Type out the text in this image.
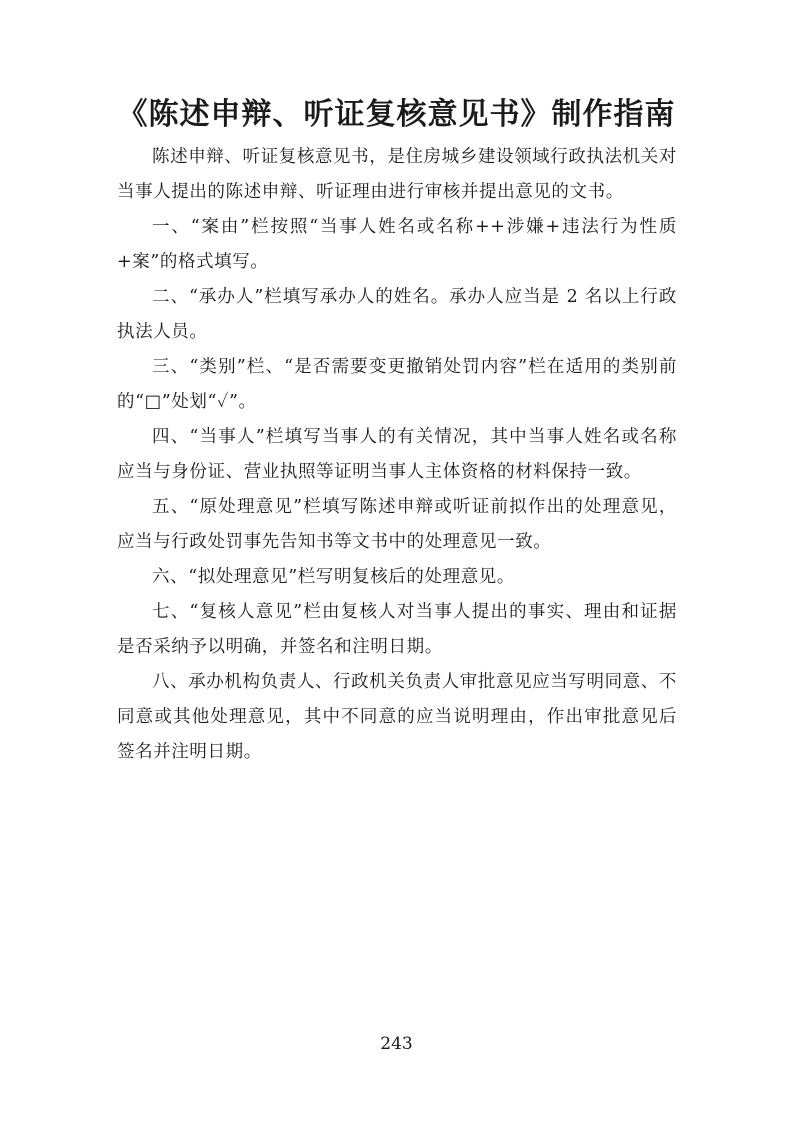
《陈述申辩、听证复核意见书》制作指南

陈述申辩、听证复核意见书，是住房城乡建设领域行政执法机关对当事人提出的陈述申辩、听证理由进行审核并提出意见的文书。

一、“案由”栏按照“当事人姓名或名称++涉嫌+违法行为性质+案”的格式填写。

二、“承办人”栏填写承办人的姓名。承办人应当是 2 名以上行政执法人员。

三、“类别”栏、“是否需要变更撤销处罚内容”栏在适用的类别前的“□”处划“✓”。

四、“当事人”栏填写当事人的有关情况，其中当事人姓名或名称应当与身份证、营业执照等证明当事人主体资格的材料保持一致。

五、“原处理意见”栏填写陈述申辩或听证前拟作出的处理意见，应当与行政处罚事先告知书等文书中的处理意见一致。

六、“拟处理意见”栏写明复核后的处理意见。

七、“复核人意见”栏由复核人对当事人提出的事实、理由和证据是否采纳予以明确，并签名和注明日期。

八、承办机构负责人、行政机关负责人审批意见应当写明同意、不同意或其他处理意见，其中不同意的应当说明理由，作出审批意见后签名并注明日期。

243
